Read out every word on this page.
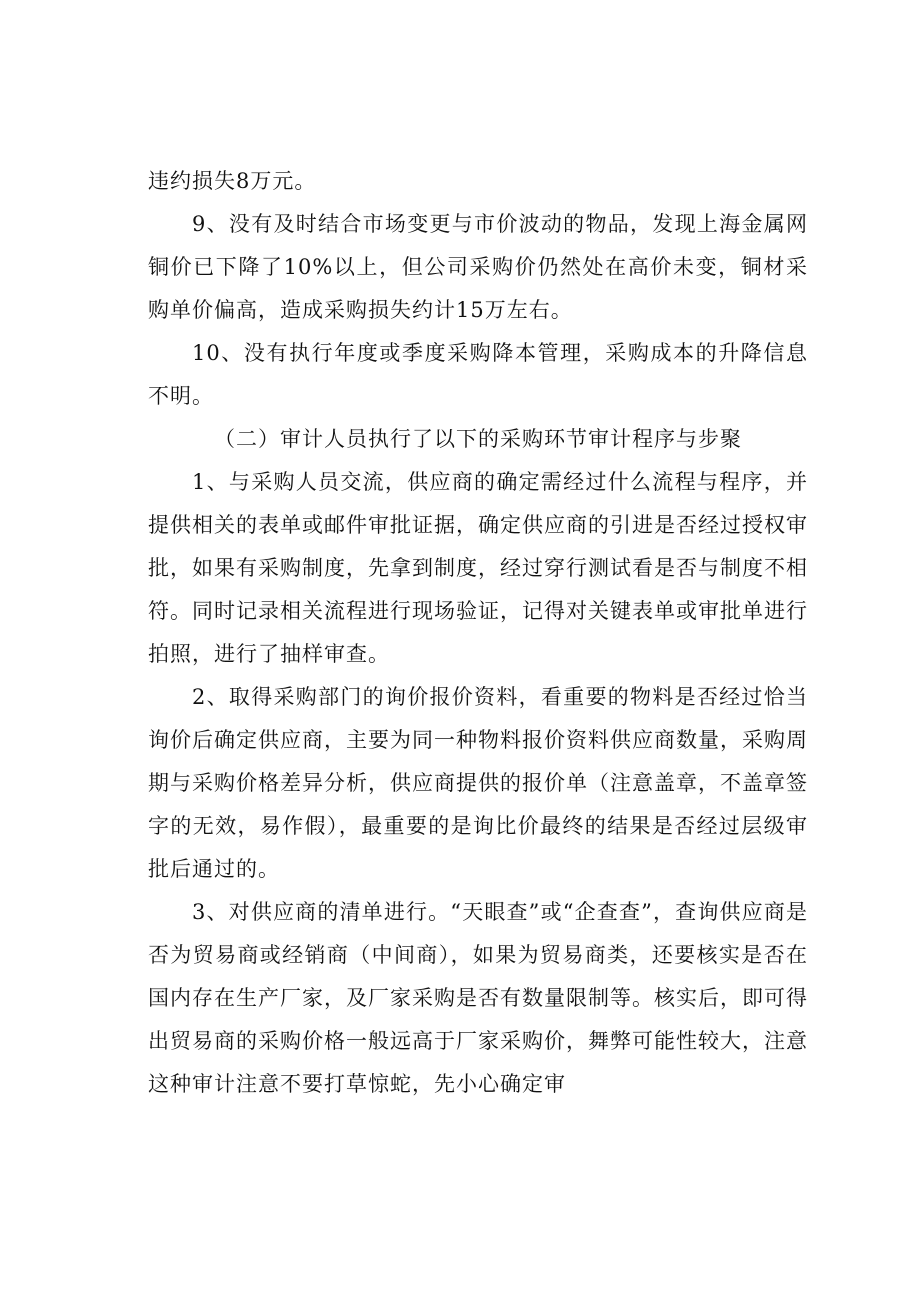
违约损失8万元。

9、没有及时结合市场变更与市价波动的物品，发现上海金属网铜价已下降了10%以上，但公司采购价仍然处在高价未变，铜材采购单价偏高，造成采购损失约计15万左右。

10、没有执行年度或季度采购降本管理，采购成本的升降信息不明。

（二）审计人员执行了以下的采购环节审计程序与步聚

1、与采购人员交流，供应商的确定需经过什么流程与程序，并提供相关的表单或邮件审批证据，确定供应商的引进是否经过授权审批，如果有采购制度，先拿到制度，经过穿行测试看是否与制度不相符。同时记录相关流程进行现场验证，记得对关键表单或审批单进行拍照，进行了抽样审查。

2、取得采购部门的询价报价资料，看重要的物料是否经过恰当询价后确定供应商，主要为同一种物料报价资料供应商数量，采购周期与采购价格差异分析，供应商提供的报价单（注意盖章，不盖章签字的无效，易作假），最重要的是询比价最终的结果是否经过层级审批后通过的。

3、对供应商的清单进行。“天眼查”或“企查查”，查询供应商是否为贸易商或经销商（中间商），如果为贸易商类，还要核实是否在国内存在生产厂家，及厂家采购是否有数量限制等。核实后，即可得出贸易商的采购价格一般远高于厂家采购价，舞弊可能性较大，注意这种审计注意不要打草惊蛇，先小心确定审
